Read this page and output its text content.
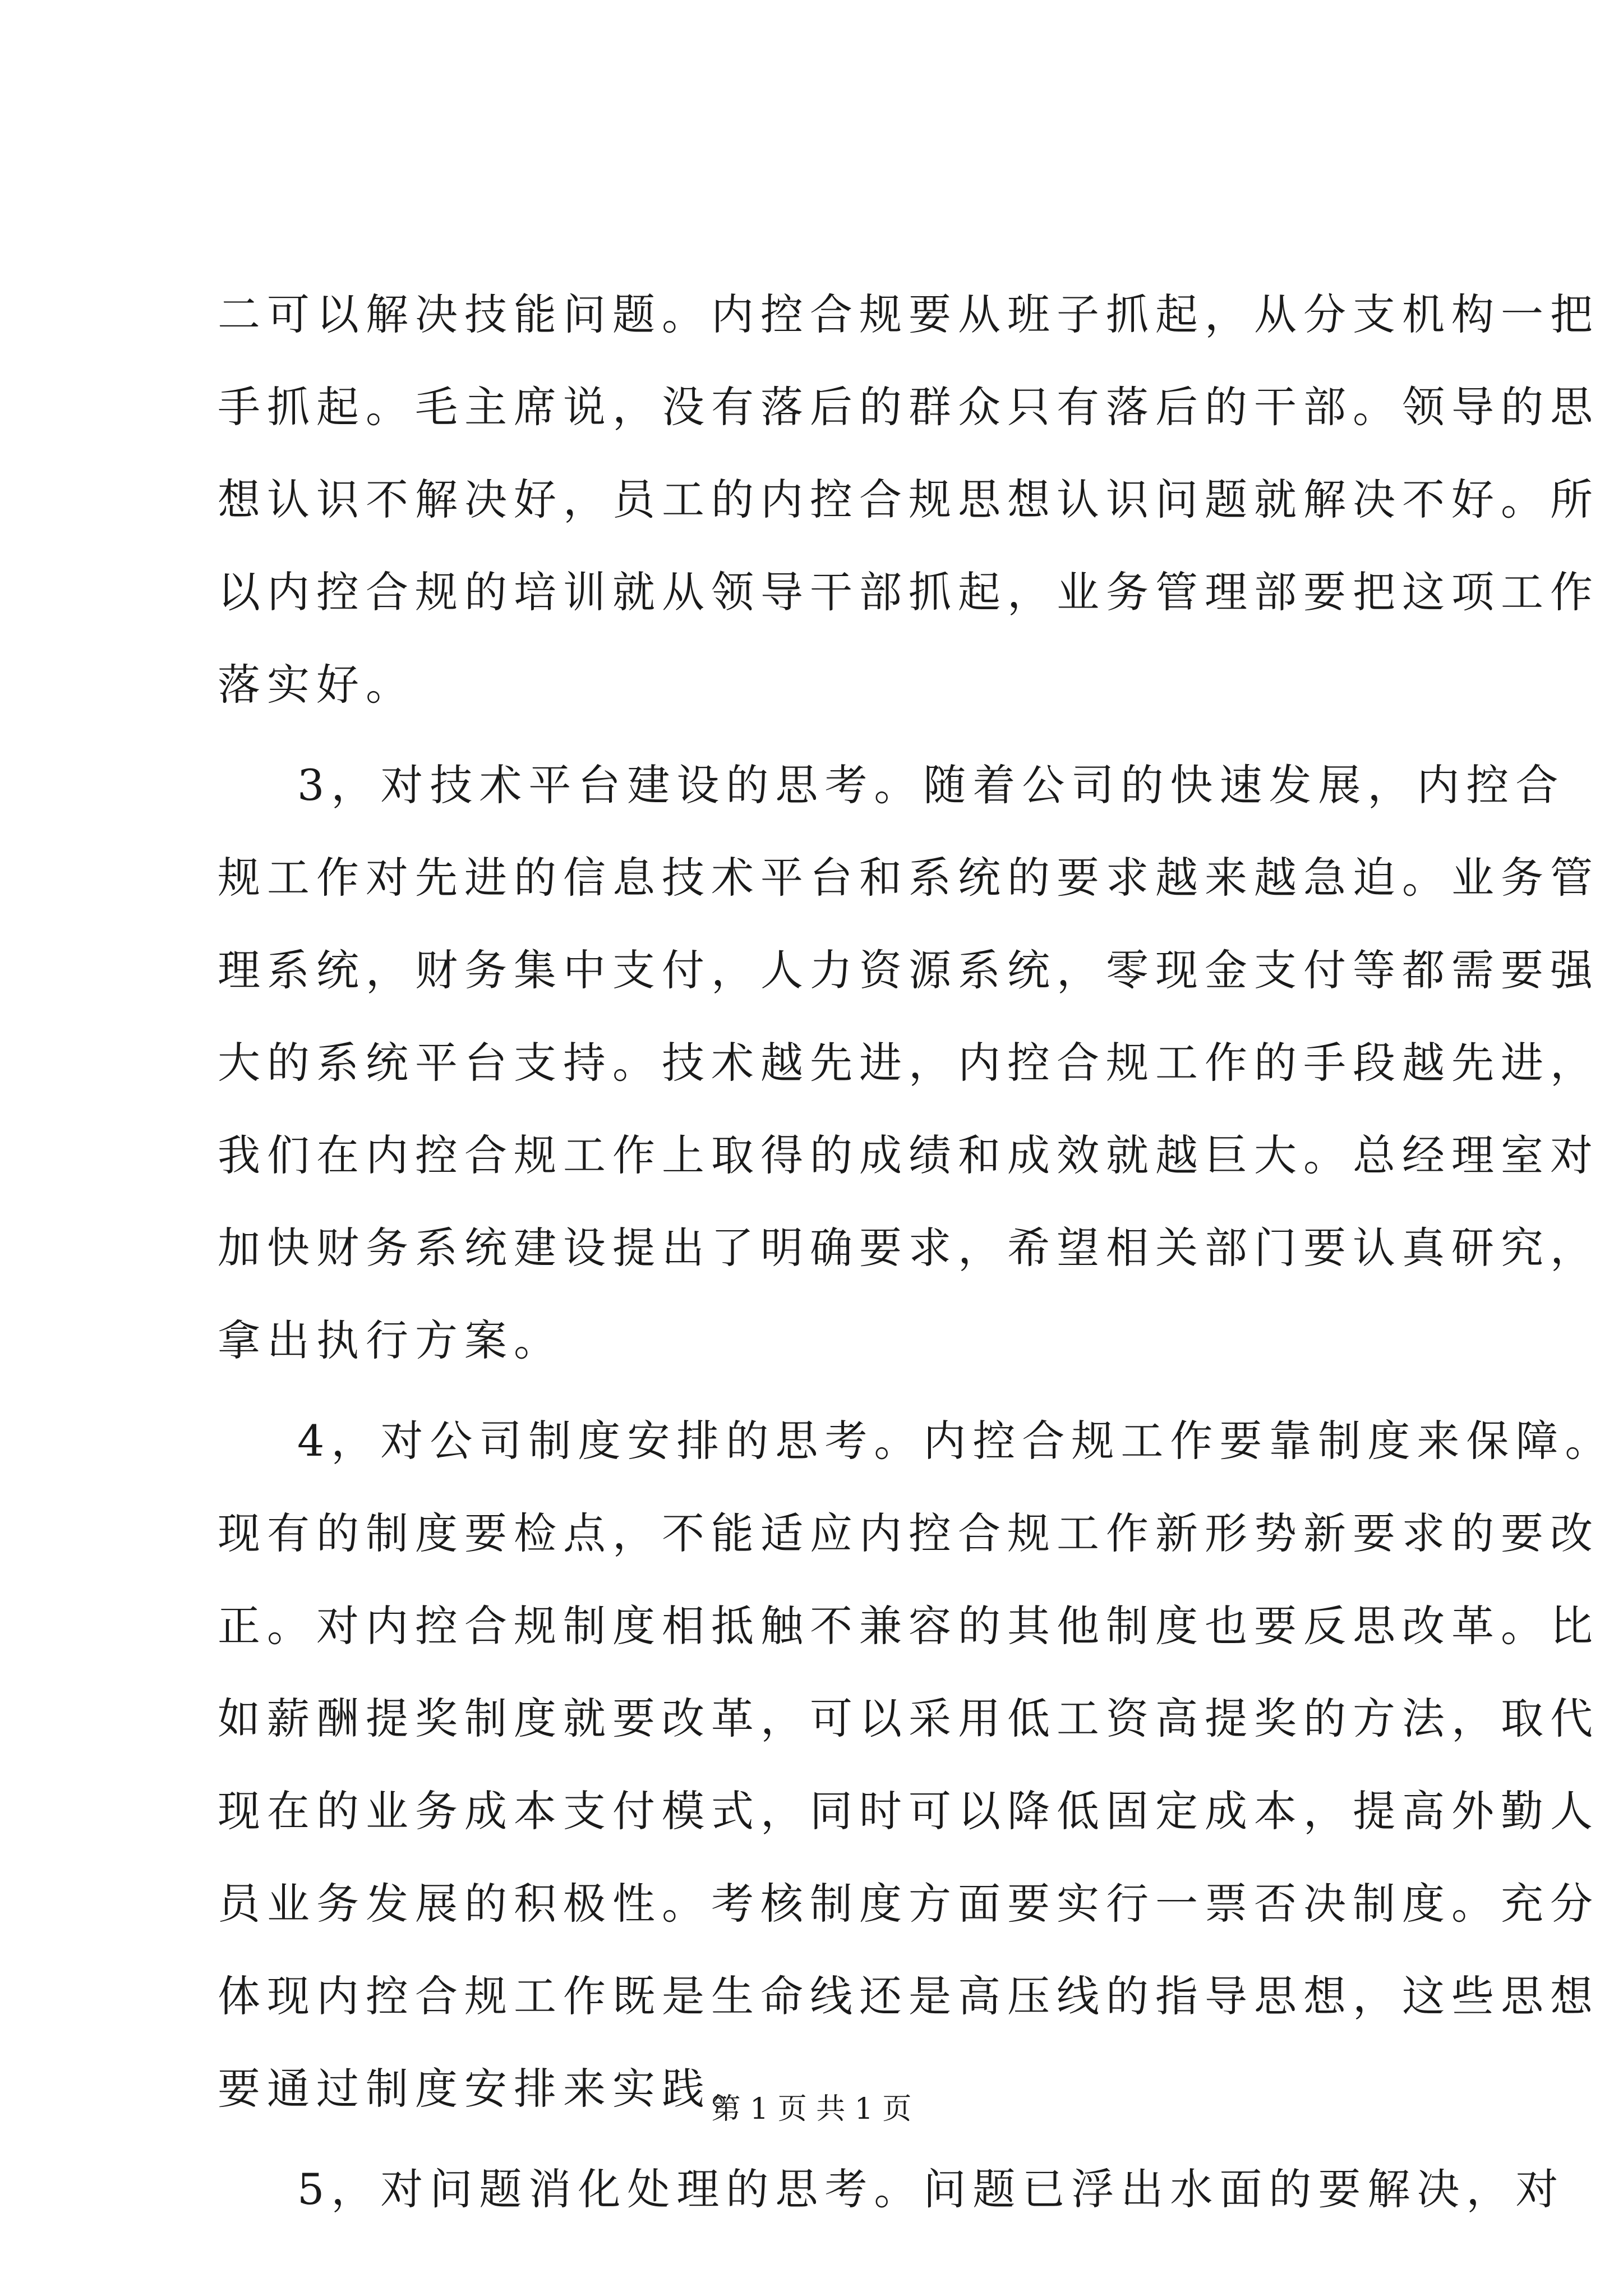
二可以解决技能问题。内控合规要从班子抓起，从分支机构一把
手抓起。毛主席说，没有落后的群众只有落后的干部。领导的思
想认识不解决好，员工的内控合规思想认识问题就解决不好。所
以内控合规的培训就从领导干部抓起，业务管理部要把这项工作
落实好。
3，对技术平台建设的思考。随着公司的快速发展，内控合
规工作对先进的信息技术平台和系统的要求越来越急迫。业务管
理系统，财务集中支付，人力资源系统，零现金支付等都需要强
大的系统平台支持。技术越先进，内控合规工作的手段越先进，
我们在内控合规工作上取得的成绩和成效就越巨大。总经理室对
加快财务系统建设提出了明确要求，希望相关部门要认真研究，
拿出执行方案。
4，对公司制度安排的思考。内控合规工作要靠制度来保障。
现有的制度要检点，不能适应内控合规工作新形势新要求的要改
正。对内控合规制度相抵触不兼容的其他制度也要反思改革。比
如薪酬提奖制度就要改革，可以采用低工资高提奖的方法，取代
现在的业务成本支付模式，同时可以降低固定成本，提高外勤人
员业务发展的积极性。考核制度方面要实行一票否决制度。充分
体现内控合规工作既是生命线还是高压线的指导思想，这些思想
要通过制度安排来实践。
5，对问题消化处理的思考。问题已浮出水面的要解决，对
第 1 页 共 1 页
